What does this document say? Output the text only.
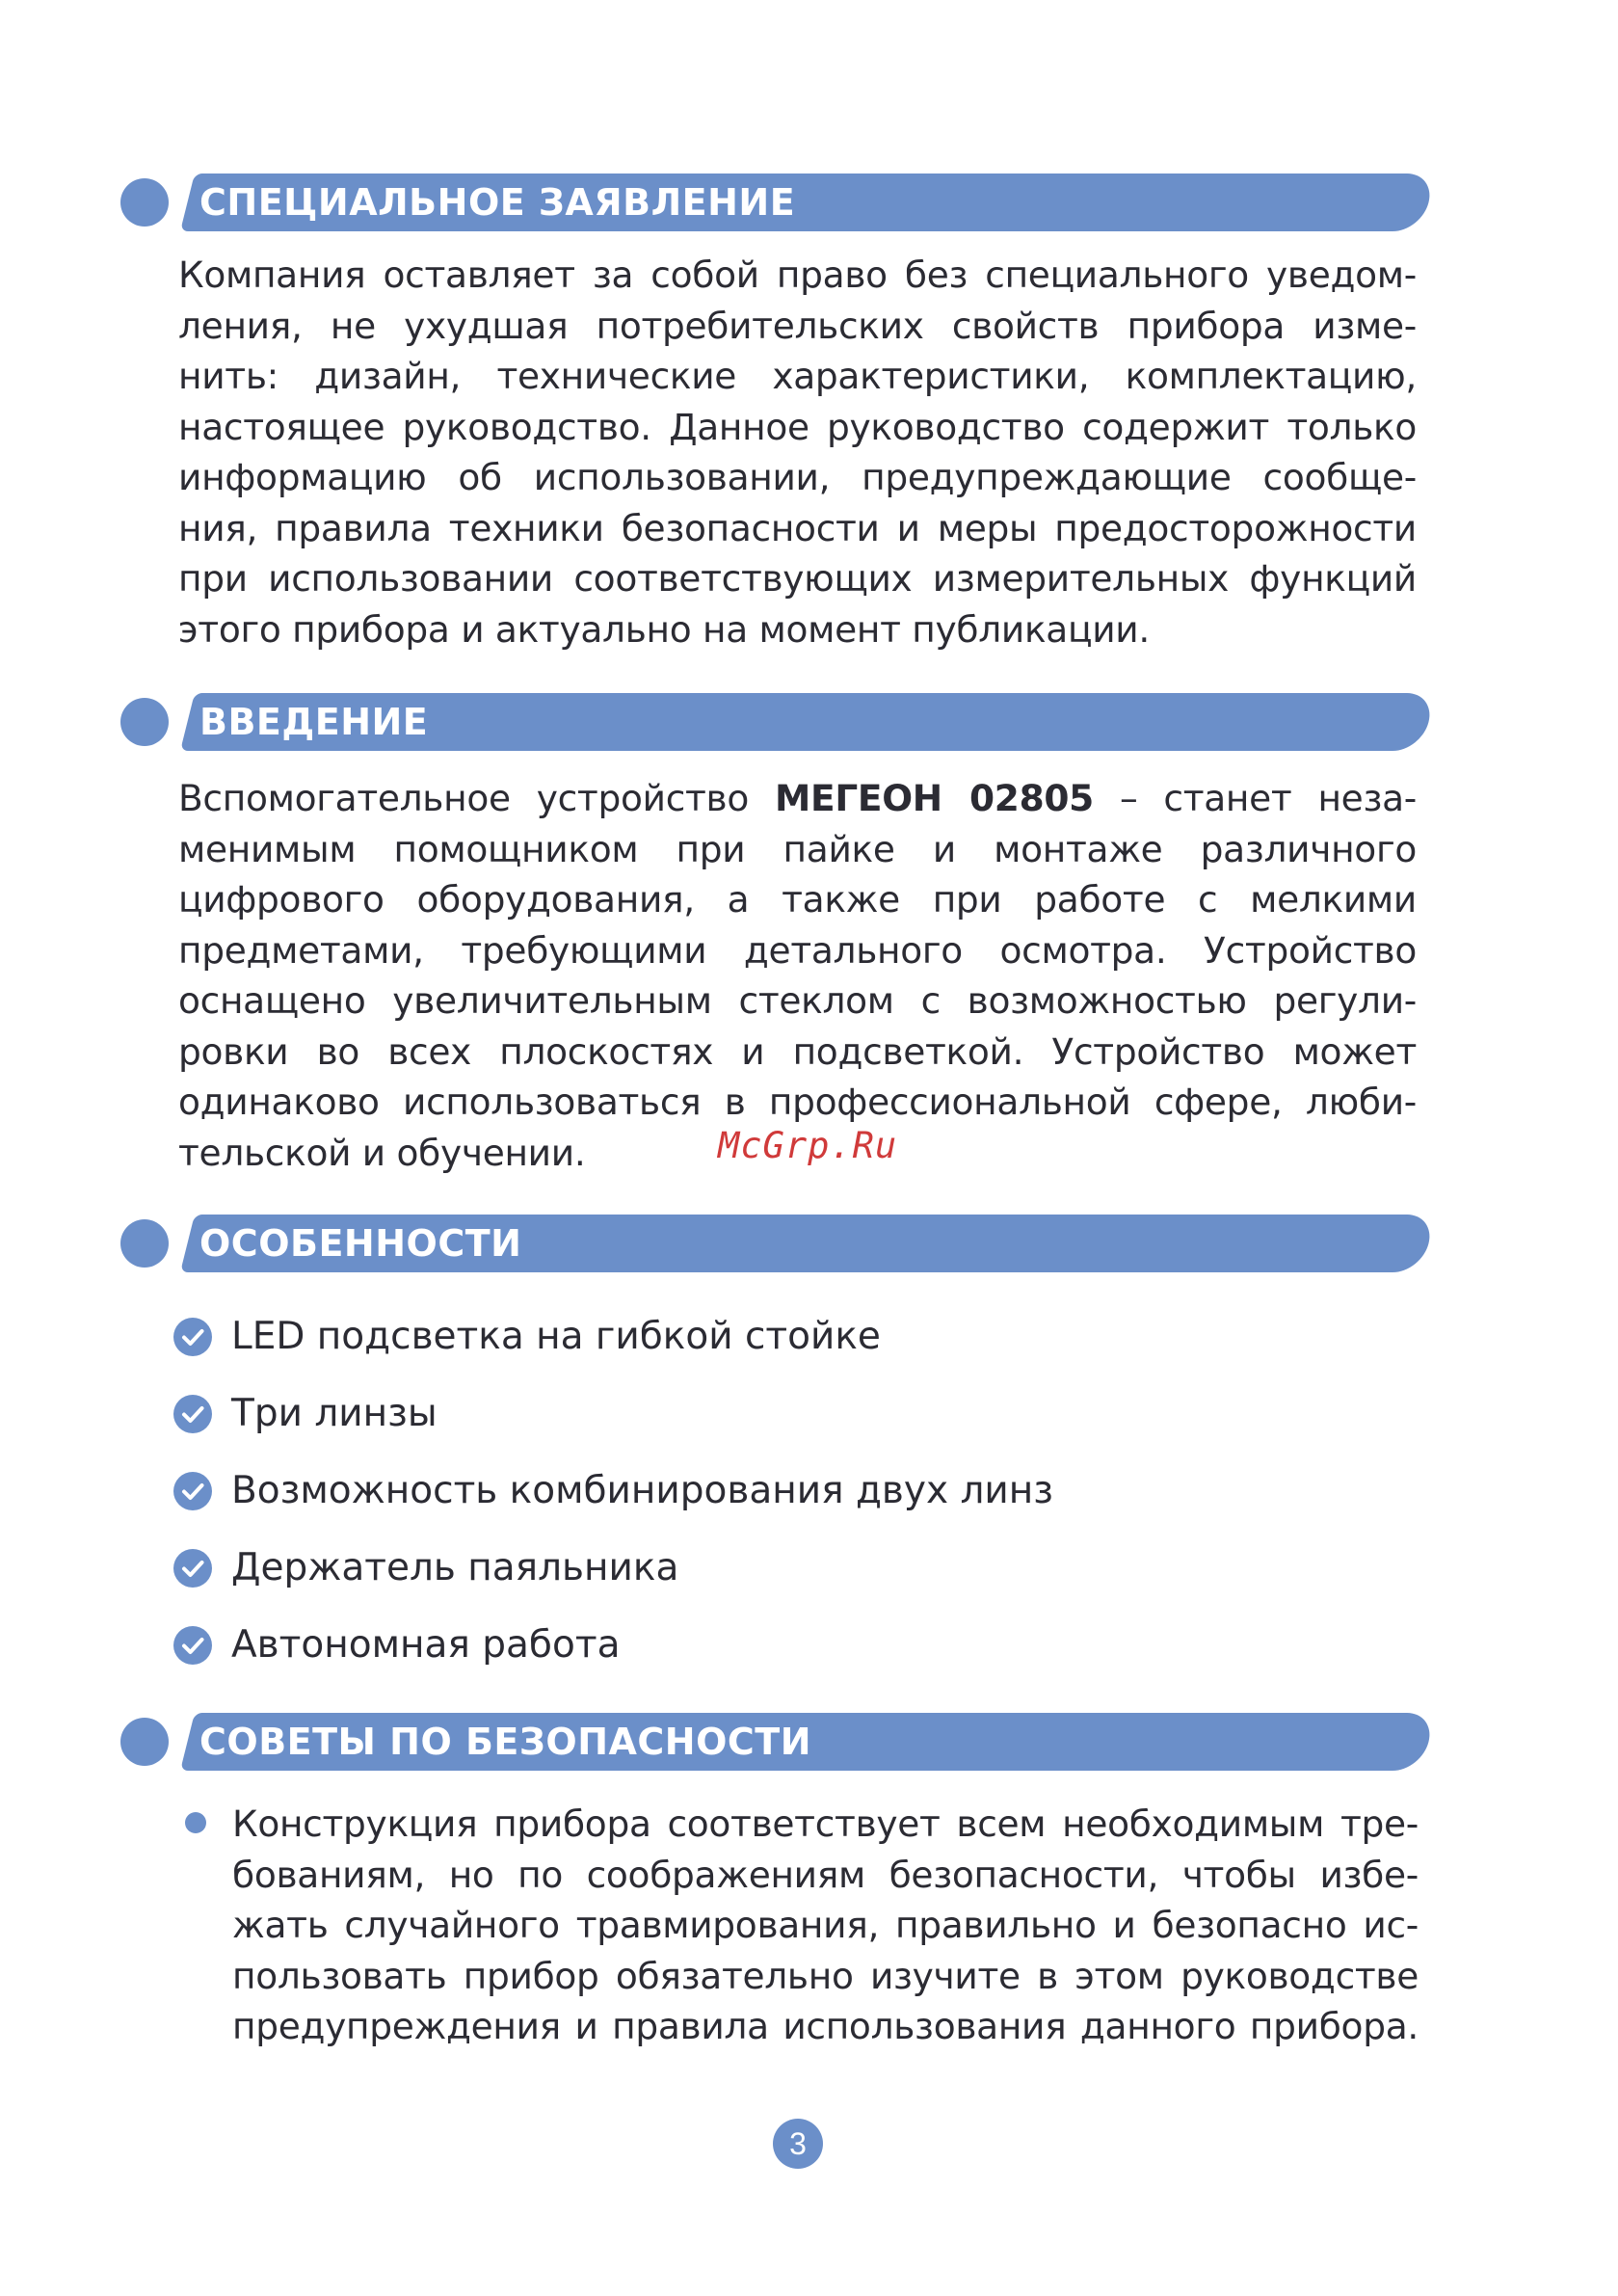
СПЕЦИАЛЬНОЕ ЗАЯВЛЕНИЕ
Компания оставляет за собой право без специального уведом-
ления, не ухудшая потребительских свойств прибора изме-
нить: дизайн, технические характеристики, комплектацию,
настоящее руководство. Данное руководство содержит только
информацию об использовании, предупреждающие сообще-
ния, правила техники безопасности и меры предосторожности
при использовании соответствующих измерительных функций
этого прибора и актуально на момент публикации.
ВВЕДЕНИЕ
Вспомогательное устройство МЕГЕОН 02805 – станет неза-
менимым помощником при пайке и монтаже различного
цифрового оборудования, а также при работе с мелкими
предметами, требующими детального осмотра. Устройство
оснащено увеличительным стеклом с возможностью регули-
ровки во всех плоскостях и подсветкой. Устройство может
одинаково использоваться в профессиональной сфере, люби-
тельской и обучении.	McGrp.Ru
ОСОБЕННОСТИ
LED подсветка на гибкой стойке
Три линзы
Возможность комбинирования двух линз
Держатель паяльника
Автономная работа
СОВЕТЫ ПО БЕЗОПАСНОСТИ
Конструкция прибора соответствует всем необходимым тре-
бованиям, но по соображениям безопасности, чтобы избе-
жать случайного травмирования, правильно и безопасно ис-
пользовать прибор обязательно изучите в этом руководстве
предупреждения и правила использования данного прибора.
3
